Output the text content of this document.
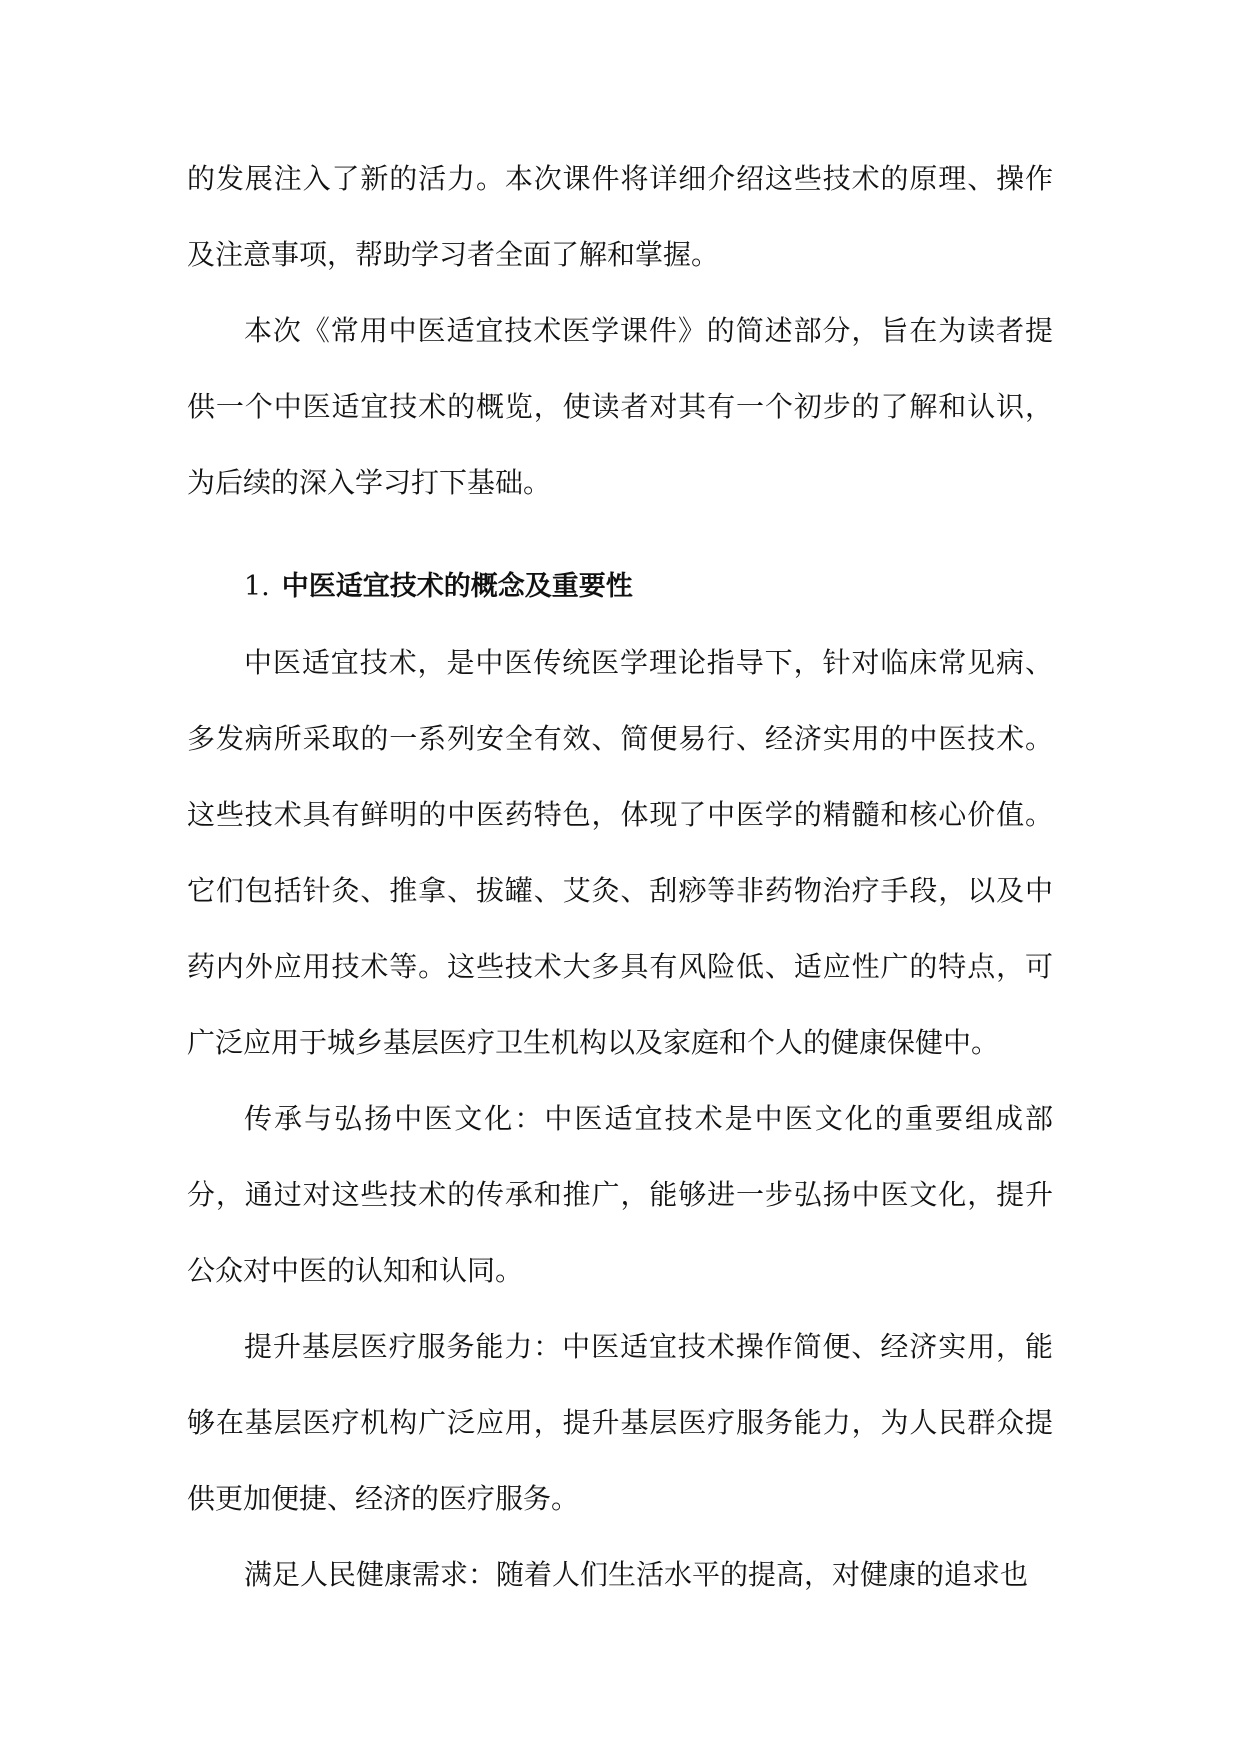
的发展注入了新的活力。本次课件将详细介绍这些技术的原理、操作及注意事项，帮助学习者全面了解和掌握。

本次《常用中医适宜技术医学课件》的简述部分，旨在为读者提供一个中医适宜技术的概览，使读者对其有一个初步的了解和认识，为后续的深入学习打下基础。

1. 中医适宜技术的概念及重要性

中医适宜技术，是中医传统医学理论指导下，针对临床常见病、多发病所采取的一系列安全有效、简便易行、经济实用的中医技术。这些技术具有鲜明的中医药特色，体现了中医学的精髓和核心价值。它们包括针灸、推拿、拔罐、艾灸、刮痧等非药物治疗手段，以及中药内外应用技术等。这些技术大多具有风险低、适应性广的特点，可广泛应用于城乡基层医疗卫生机构以及家庭和个人的健康保健中。

传承与弘扬中医文化：中医适宜技术是中医文化的重要组成部分，通过对这些技术的传承和推广，能够进一步弘扬中医文化，提升公众对中医的认知和认同。

提升基层医疗服务能力：中医适宜技术操作简便、经济实用，能够在基层医疗机构广泛应用，提升基层医疗服务能力，为人民群众提供更加便捷、经济的医疗服务。

满足人民健康需求：随着人们生活水平的提高，对健康的追求也
